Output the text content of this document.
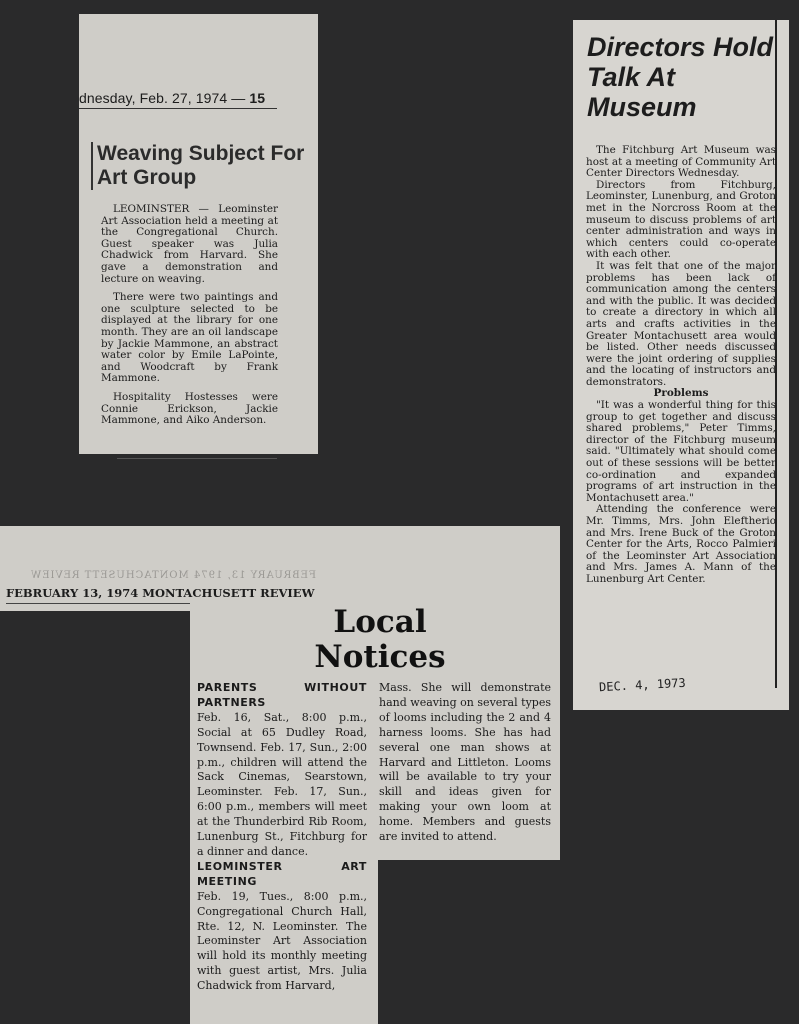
dnesday, Feb. 27, 1974 — 15
Weaving Subject For Art Group

LEOMINSTER — Leominster Art Association held a meeting at the Congregational Church. Guest speaker was Julia Chadwick from Harvard. She gave a demonstration and lecture on weaving.

There were two paintings and one sculpture selected to be displayed at the library for one month. They are an oil landscape by Jackie Mammone, an abstract water color by Emile LaPointe, and Woodcraft by Frank Mammone.

Hospitality Hostesses were Connie Erickson, Jackie Mammone, and Aiko Anderson.

Directors Hold Talk At Museum

The Fitchburg Art Museum was host at a meeting of Community Art Center Directors Wednesday.

Directors from Fitchburg, Leominster, Lunenburg, and Groton met in the Norcross Room at the museum to discuss problems of art center administration and ways in which centers could co-operate with each other.

It was felt that one of the major problems has been lack of communication among the centers and with the public. It was decided to create a directory in which all arts and crafts activities in the Greater Montachusett area would be listed. Other needs discussed were the joint ordering of supplies and the locating of instructors and demonstrators.

Problems

"It was a wonderful thing for this group to get together and discuss shared problems," Peter Timms, director of the Fitchburg museum said. "Ultimately what should come out of these sessions will be better co-ordination and expanded programs of art instruction in the Montachusett area."

Attending the conference were Mr. Timms, Mrs. John Eleftherio and Mrs. Irene Buck of the Groton Center for the Arts, Rocco Palmieri of the Leominster Art Association and Mrs. James A. Mann of the Lunenburg Art Center.

DEC. 4, 1973
FEBRUARY 13, 1974 MONTACHUSETT REVIEW
FEBRUARY 13, 1974 MONTACHUSETT REVIEW
Local
Notices

PARENTS WITHOUT PARTNERS

Feb. 16, Sat., 8:00 p.m., Social at 65 Dudley Road, Townsend. Feb. 17, Sun., 2:00 p.m., children will attend the Sack Cinemas, Searstown, Leominster. Feb. 17, Sun., 6:00 p.m., members will meet at the Thunderbird Rib Room, Lunenburg St., Fitchburg for a dinner and dance.

LEOMINSTER ART MEETING

Feb. 19, Tues., 8:00 p.m., Congregational Church Hall, Rte. 12, N. Leominster. The Leominster Art Association will hold its monthly meeting with guest artist, Mrs. Julia Chadwick from Harvard,

Mass. She will demonstrate hand weaving on several types of looms including the 2 and 4 harness looms. She has had several one man shows at Harvard and Littleton. Looms will be available to try your skill and ideas given for making your own loom at home. Members and guests are invited to attend.
